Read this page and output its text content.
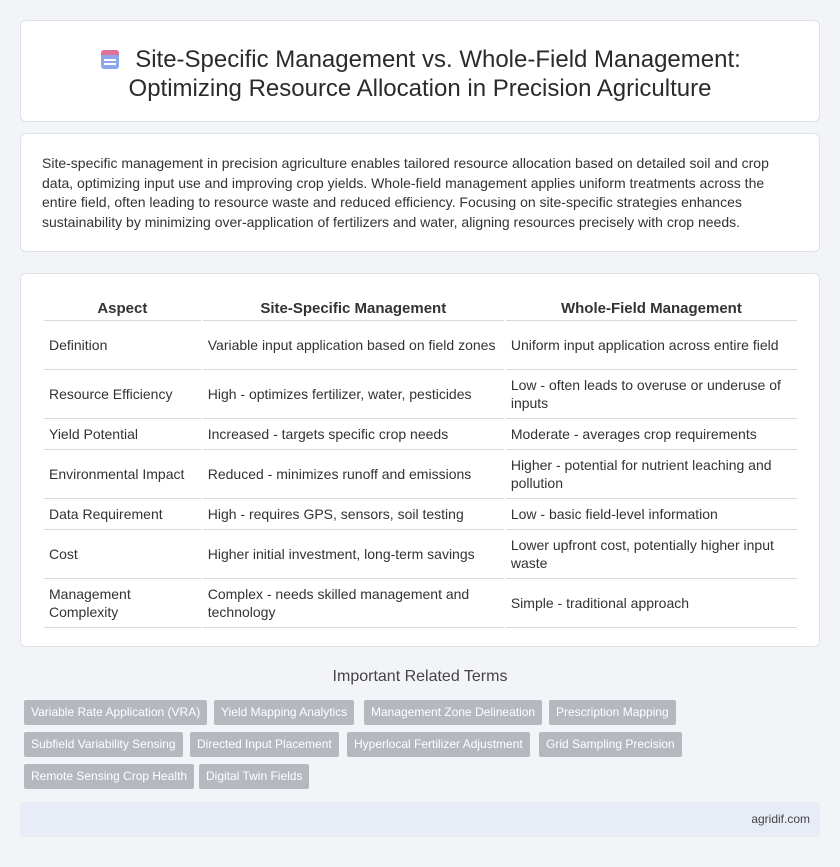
Site-Specific Management vs. Whole-Field Management:
Optimizing Resource Allocation in Precision Agriculture

Site-specific management in precision agriculture enables tailored resource allocation based on detailed soil and crop data, optimizing input use and improving crop yields. Whole-field management applies uniform treatments across the entire field, often leading to resource waste and reduced efficiency. Focusing on site-specific strategies enhances sustainability by minimizing over-application of fertilizers and water, aligning resources precisely with crop needs.

Aspect	Site-Specific Management	Whole-Field Management
Definition	Variable input application based on field zones	Uniform input application across entire field
Resource Efficiency	High - optimizes fertilizer, water, pesticides	Low - often leads to overuse or underuse of inputs
Yield Potential	Increased - targets specific crop needs	Moderate - averages crop requirements
Environmental Impact	Reduced - minimizes runoff and emissions	Higher - potential for nutrient leaching and pollution
Data Requirement	High - requires GPS, sensors, soil testing	Low - basic field-level information
Cost	Higher initial investment, long-term savings	Lower upfront cost, potentially higher input waste
Management Complexity	Complex - needs skilled management and technology	Simple - traditional approach
Important Related Terms
Variable Rate Application (VRA)	Yield Mapping Analytics	Management Zone Delineation	Prescription Mapping
Subfield Variability Sensing	Directed Input Placement	Hyperlocal Fertilizer Adjustment	Grid Sampling Precision
Remote Sensing Crop Health	Digital Twin Fields
agridif.com
